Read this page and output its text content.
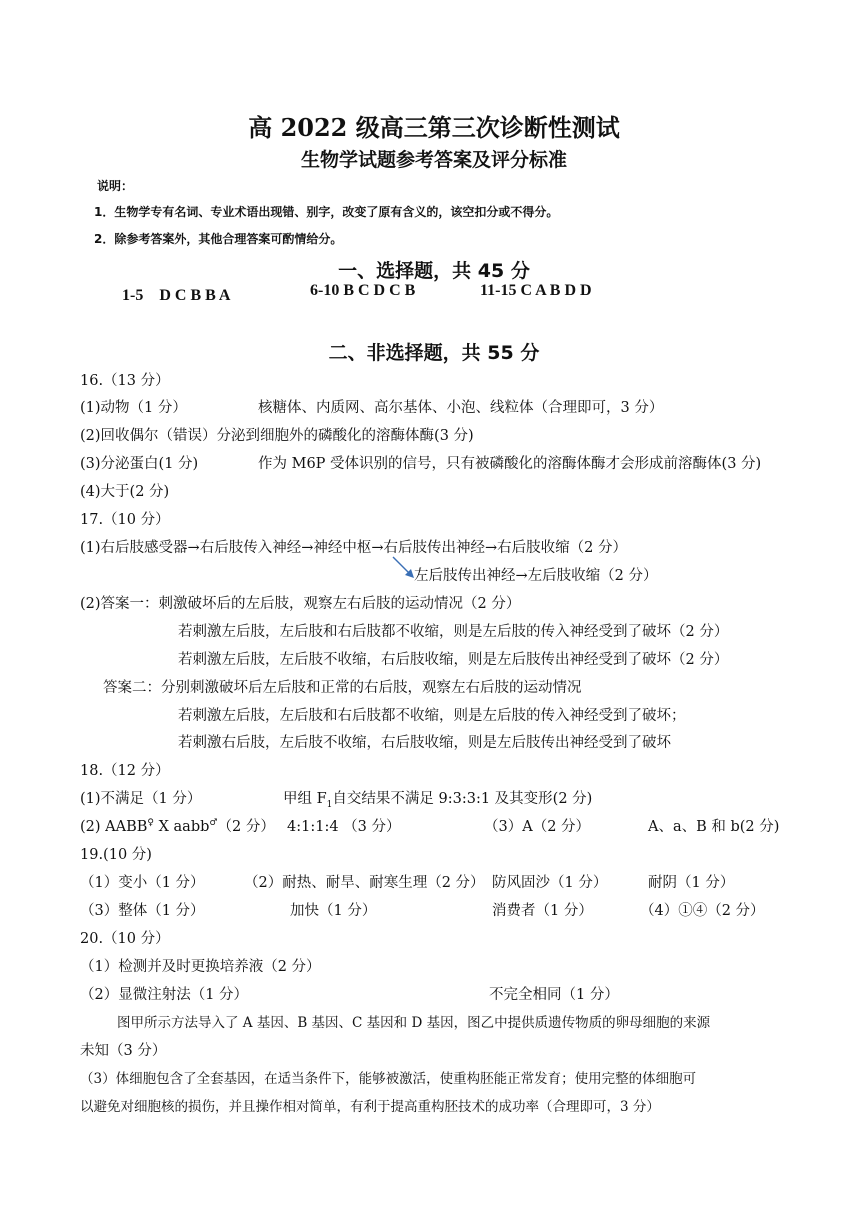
高 2022 级高三第三次诊断性测试
生物学试题参考答案及评分标准
说明：
1．生物学专有名词、专业术语出现错、别字，改变了原有含义的，该空扣分或不得分。
2．除参考答案外，其他合理答案可酌情给分。
一、选择题，共 45 分
1-5　D C B B A	6-10 B C D C B	11-15 C A B D D
二、非选择题，共 55 分
16.（13 分）
(1)动物（1 分）	核糖体、内质网、高尔基体、小泡、线粒体（合理即可，3 分）
(2)回收偶尔（错误）分泌到细胞外的磷酸化的溶酶体酶(3 分)
(3)分泌蛋白(1 分)	作为 M6P 受体识别的信号，只有被磷酸化的溶酶体酶才会形成前溶酶体(3 分)
(4)大于(2 分)
17.（10 分）
(1)右后肢感受器→右后肢传入神经→神经中枢→右后肢传出神经→右后肢收缩（2 分）
左后肢传出神经→左后肢收缩（2 分）
(2)答案一：刺激破坏后的左后肢，观察左右后肢的运动情况（2 分）
若刺激左后肢，左后肢和右后肢都不收缩，则是左后肢的传入神经受到了破坏（2 分）
若刺激左后肢，左后肢不收缩，右后肢收缩，则是左后肢传出神经受到了破坏（2 分）
答案二：分别刺激破坏后左后肢和正常的右后肢，观察左右后肢的运动情况
若刺激左后肢，左后肢和右后肢都不收缩，则是左后肢的传入神经受到了破坏；
若刺激右后肢，左后肢不收缩，右后肢收缩，则是左后肢传出神经受到了破坏
18.（12 分）
(1)不满足（1 分）	甲组 $F_1$自交结果不满足 9:3:3:1 及其变形(2 分)
(2) AABB♀ X aabb♂（2 分） 4:1:1:4 （3 分）	（3）A（2 分）	A、a、B 和 b(2 分)
19.(10 分)
（1）变小（1 分）	（2）耐热、耐旱、耐寒生理（2 分） 防风固沙（1 分）	耐阴（1 分）
（3）整体（1 分）	加快（1 分）	消费者（1 分）	（4）①④（2 分）
20.（10 分）
（1）检测并及时更换培养液（2 分）
（2）显微注射法（1 分）	不完全相同（1 分）
图甲所示方法导入了 A 基因、B 基因、C 基因和 D 基因，图乙中提供质遗传物质的卵母细胞的来源
未知（3 分）
（3）体细胞包含了全套基因，在适当条件下，能够被激活，使重构胚能正常发育；使用完整的体细胞可
以避免对细胞核的损伤，并且操作相对简单，有利于提高重构胚技术的成功率（合理即可，3 分）
